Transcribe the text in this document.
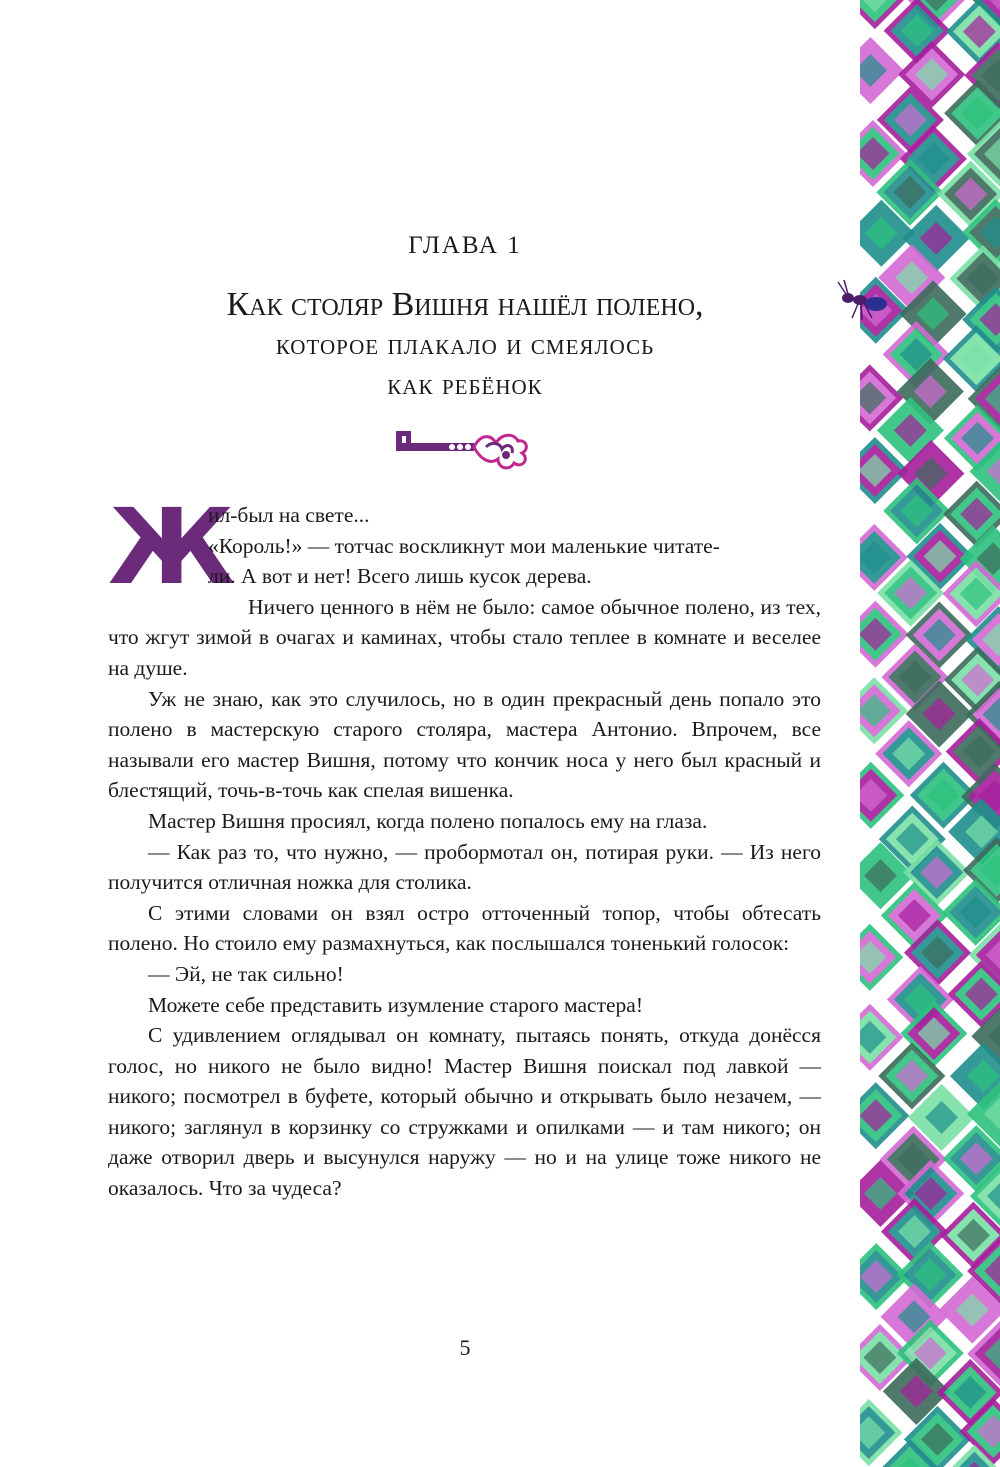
ГЛАВА 1
Как столяр Вишня нашёл полено,
которое плакало и смеялось
как ребёнок

Ж
ил-был на свете...
«Король!» — тотчас воскликнут мои маленькие читате-
ли. А вот и нет! Всего лишь кусок дерева.

Ничего ценного в нём не было: самое обычное полено, из тех, что жгут зимой в очагах и каминах, чтобы стало теплее в комнате и веселее на душе.

Уж не знаю, как это случилось, но в один прекрасный день попало это полено в мастерскую старого столяра, мастера Антонио. Впрочем, все называли его мастер Вишня, потому что кончик носа у него был красный и блестящий, точь-в-точь как спелая вишенка.

Мастер Вишня просиял, когда полено попалось ему на глаза.

— Как раз то, что нужно, — пробормотал он, потирая руки. — Из него получится отличная ножка для столика.

С этими словами он взял остро отточенный топор, чтобы обтесать полено. Но стоило ему размахнуться, как послышался тоненький голосок:

— Эй, не так сильно!

Можете себе представить изумление старого мастера!

С удивлением оглядывал он комнату, пытаясь понять, откуда донёсся голос, но никого не было видно! Мастер Вишня поискал под лавкой — никого; посмотрел в буфете, который обычно и открывать было незачем, — никого; заглянул в корзинку со стружками и опилками — и там никого; он даже отворил дверь и высунулся наружу — но и на улице тоже никого не оказалось. Что за чудеса?

5
